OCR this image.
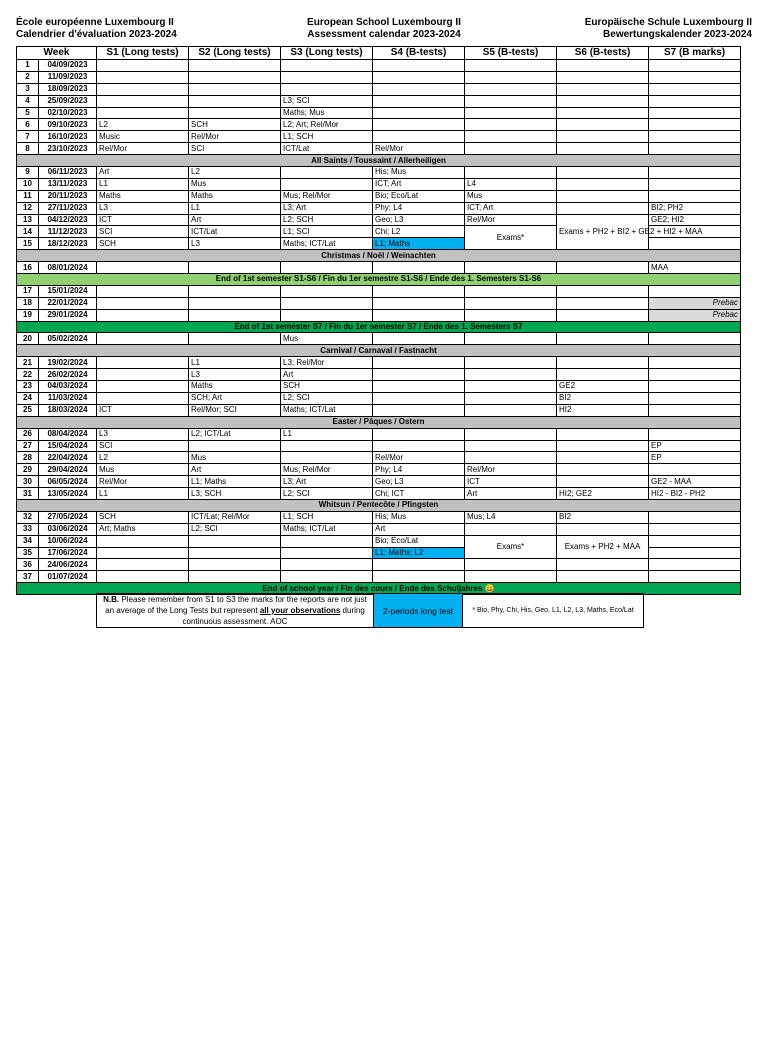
École européenne Luxembourg II
Calendrier d'évaluation 2023-2024
European School Luxembourg II
Assessment calendar 2023-2024
Europäische Schule Luxembourg II
Bewertungskalender 2023-2024
Week		S1 (Long tests)	S2 (Long tests)	S3 (Long tests)	S4 (B-tests)	S5 (B-tests)	S6 (B-tests)	S7 (B marks)
1	04/09/2023							
2	11/09/2023							
3	18/09/2023							
4	25/09/2023			L3; SCI				
5	02/10/2023			Maths; Mus				
6	09/10/2023	L2	SCH	L2; Art; Rel/Mor				
7	16/10/2023	Music	Rel/Mor	L1; SCH				
8	23/10/2023	Rel/Mor	SCI	ICT/Lat	Rel/Mor			
All Saints / Toussaint / Allerheiligen								
9	06/11/2023	Art	L2		His; Mus			
10	13/11/2023	L1	Mus		ICT; Art	L4		
11	20/11/2023	Maths	Maths	Mus; Rel/Mor	Bio; Eco/Lat	Mus		
12	27/11/2023	L3	L1	L3; Art	Phy; L4	ICT; Art		BI2; PH2
13	04/12/2023	ICT	Art	L2; SCH	Geo; L3	Rel/Mor	Exams + PH2 + BI2 + GE2 + HI2 + MAA	GE2; HI2
14	11/12/2023	SCI	ICT/Lat	L1; SCI	Chi; L2	Exams*		
15	18/12/2023	SCH	L3	Maths; ICT/Lat	L1; Maths			
Christmas / Noël / Weinachten								
16	08/01/2024							MAA
End of 1st semester S1-S6 / Fin du 1er semestre S1-S6 / Ende des 1. Semesters S1-S6								
17	15/01/2024							
18	22/01/2024							Prebac
19	29/01/2024							Prebac
End of 1st semester S7 / Fin du 1er semester S7 / Ende des 1. Semesters S7								
20	05/02/2024			Mus				
Carnival / Carnaval / Fastnacht								
21	19/02/2024		L1	L3; Rel/Mor				
22	26/02/2024		L3	Art				
23	04/03/2024		Maths	SCH			GE2	
24	11/03/2024		SCH; Art	L2; SCI			BI2	
25	18/03/2024	ICT	Rel/Mor; SCI	Maths; ICT/Lat			HI2	
Easter / Pâques / Ostern								
26	08/04/2024	L3	L2; ICT/Lat	L1				
27	15/04/2024	SCI						EP
28	22/04/2024	L2	Mus		Rel/Mor			EP
29	29/04/2024	Mus	Art	Mus; Rel/Mor	Phy; L4	Rel/Mor		
30	06/05/2024	Rel/Mor	L1; Maths	L3; Art	Geo; L3	ICT		GE2 - MAA
31	13/05/2024	L1	L3; SCH	L2; SCI	Chi; ICT	Art	HI2; GE2	HI2 - BI2 - PH2
Whitsun / Pentecôte / Pfingsten								
32	27/05/2024	SCH	ICT/Lat; Rel/Mor	L1; SCH	His; Mus	Mus; L4	BI2	
33	03/06/2024	Art; Maths	L2; SCI	Maths; ICT/Lat	Art			
34	10/06/2024				Bio; Eco/Lat	Exams*	Exams + PH2 + MAA	
35	17/06/2024				L1; Maths; L2			
36	24/06/2024							
37	01/07/2024							
End of school year / Fin des cours / Ende des Schuljahres 😀								
N.B. Please remember from S1 to S3 the marks for the reports are not just an average of the Long Tests but represent all your observations during continuous assessment. AOC	2-periods long test	* Bio, Phy, Chi, His, Geo, L1, L2, L3, Maths, Eco/Lat
